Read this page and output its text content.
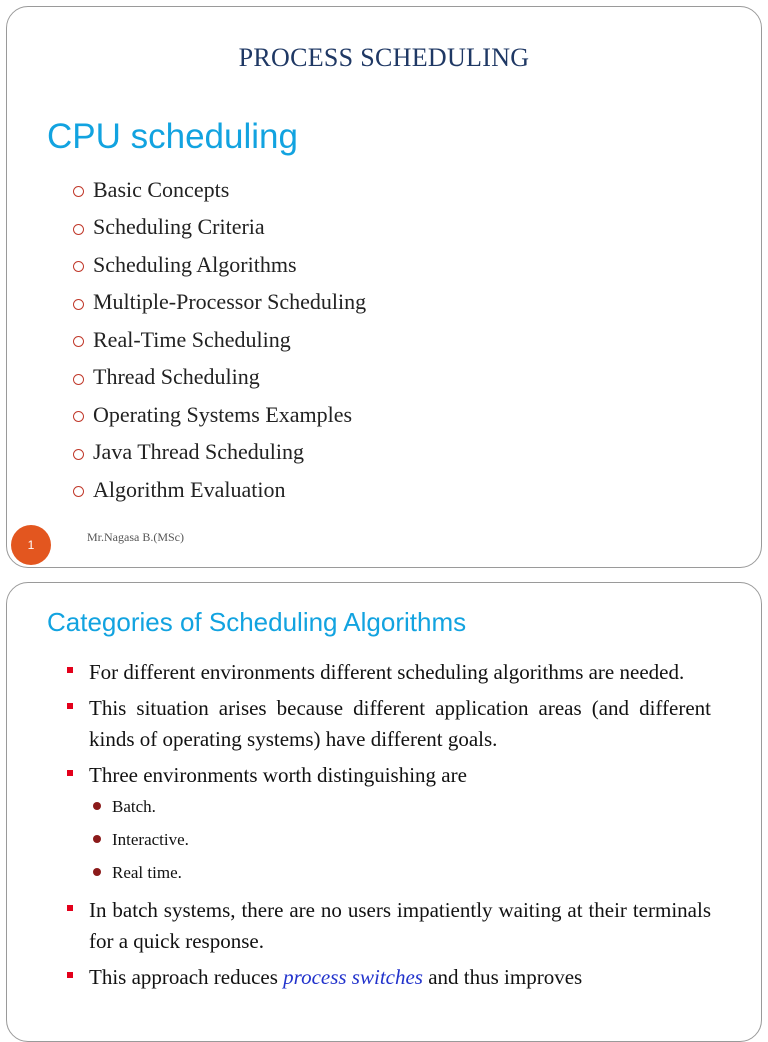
PROCESS SCHEDULING
CPU scheduling
Basic Concepts
Scheduling Criteria
Scheduling Algorithms
Multiple-Processor Scheduling
Real-Time Scheduling
Thread Scheduling
Operating Systems Examples
Java Thread Scheduling
Algorithm Evaluation
1
Mr.Nagasa B.(MSc)
Categories of Scheduling Algorithms
For different environments different scheduling algorithms are needed.
This situation arises because different application areas (and different kinds of operating systems) have different goals.
Three environments worth distinguishing are
Batch.
Interactive.
Real time.
In batch systems, there are no users impatiently waiting at their terminals for a quick response.
This approach reduces process switches and thus improves
